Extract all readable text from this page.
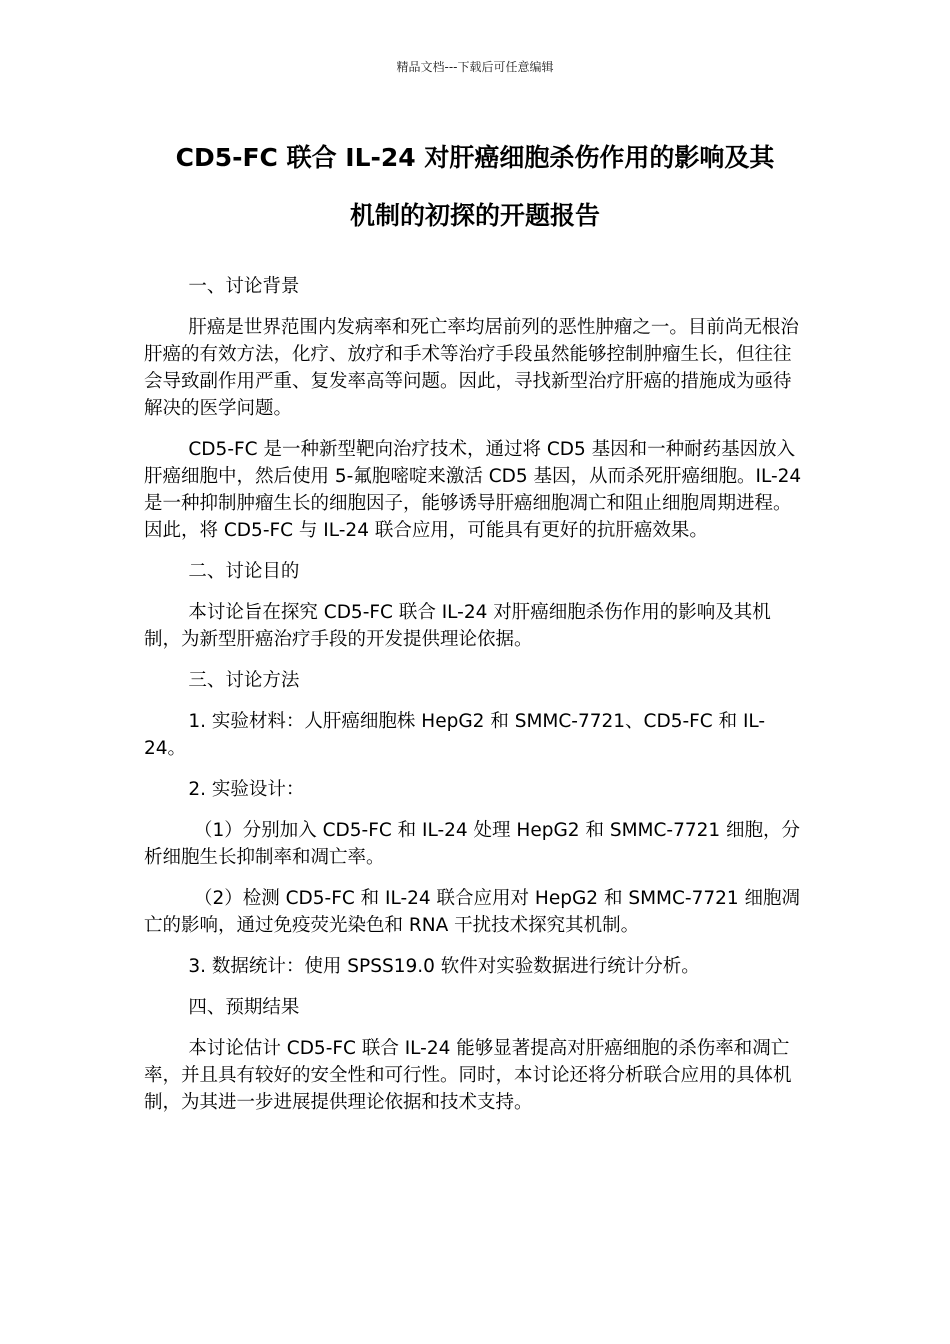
精品文档---下载后可任意编辑
CD5-FC 联合 IL-24 对肝癌细胞杀伤作用的影响及其
机制的初探的开题报告

一、讨论背景

肝癌是世界范围内发病率和死亡率均居前列的恶性肿瘤之一。目前尚无根治肝癌的有效方法，化疗、放疗和手术等治疗手段虽然能够控制肿瘤生长，但往往会导致副作用严重、复发率高等问题。因此，寻找新型治疗肝癌的措施成为亟待解决的医学问题。

CD5-FC 是一种新型靶向治疗技术，通过将 CD5 基因和一种耐药基因放入肝癌细胞中，然后使用 5-氟胞嘧啶来激活 CD5 基因，从而杀死肝癌细胞。IL-24 是一种抑制肿瘤生长的细胞因子，能够诱导肝癌细胞凋亡和阻止细胞周期进程。因此，将 CD5-FC 与 IL-24 联合应用，可能具有更好的抗肝癌效果。

二、讨论目的

本讨论旨在探究 CD5-FC 联合 IL-24 对肝癌细胞杀伤作用的影响及其机制，为新型肝癌治疗手段的开发提供理论依据。

三、讨论方法

1. 实验材料：人肝癌细胞株 HepG2 和 SMMC-7721、CD5-FC 和 IL-24。

2. 实验设计：

（1）分别加入 CD5-FC 和 IL-24 处理 HepG2 和 SMMC-7721 细胞，分析细胞生长抑制率和凋亡率。

（2）检测 CD5-FC 和 IL-24 联合应用对 HepG2 和 SMMC-7721 细胞凋亡的影响，通过免疫荧光染色和 RNA 干扰技术探究其机制。

3. 数据统计：使用 SPSS19.0 软件对实验数据进行统计分析。

四、预期结果

本讨论估计 CD5-FC 联合 IL-24 能够显著提高对肝癌细胞的杀伤率和凋亡率，并且具有较好的安全性和可行性。同时，本讨论还将分析联合应用的具体机制，为其进一步进展提供理论依据和技术支持。
